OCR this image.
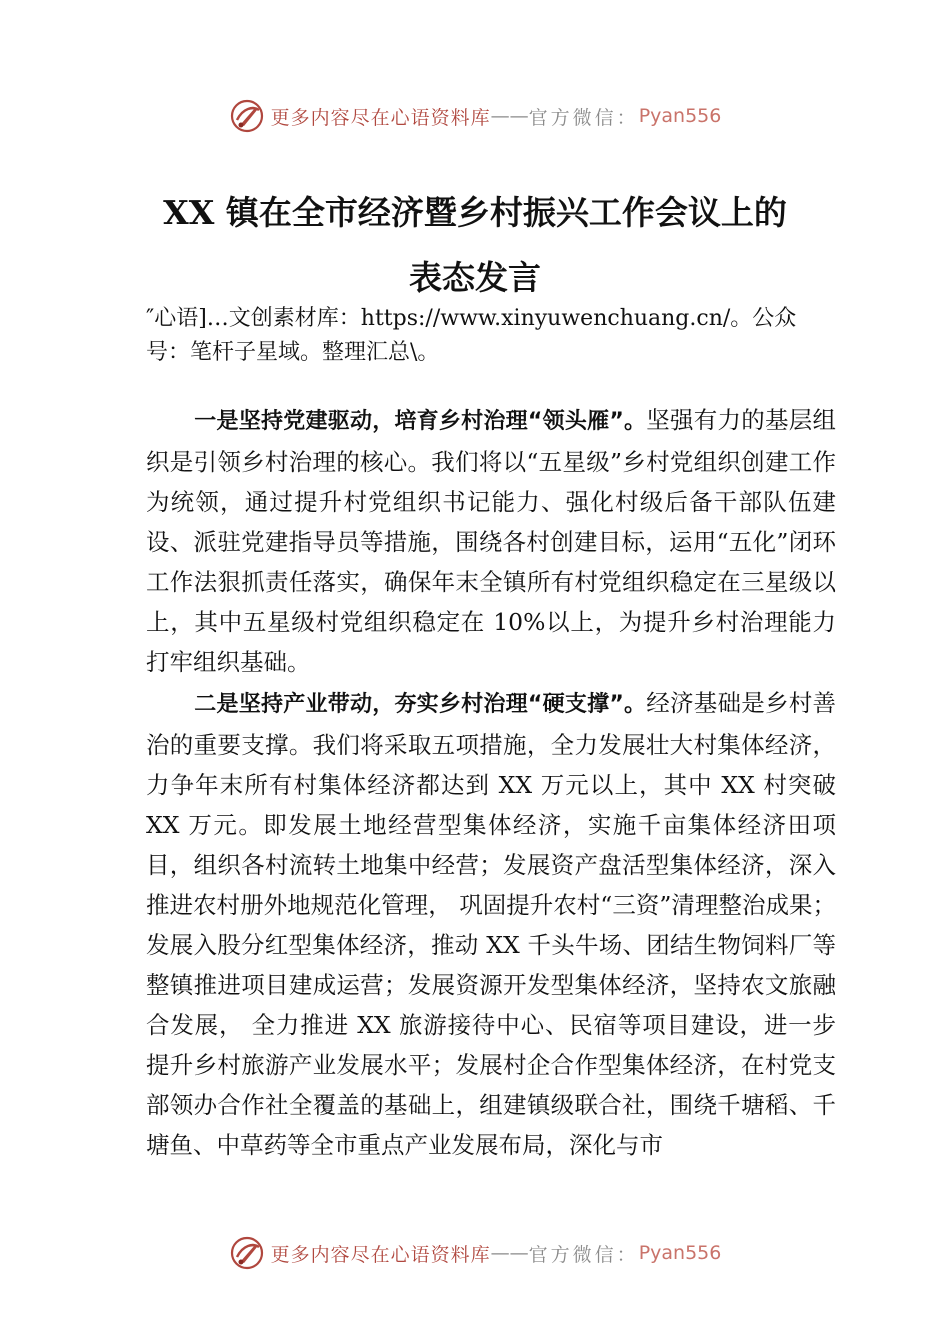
更多内容尽在心语资料库 —— 官方微信： Pyan556
XX 镇在全市经济暨乡村振兴工作会议上的
表态发言
″心语]…文创素材库：https://www.xinyuwenchuang.cn/。公众号：笔杆子星域。整理汇总\。
一是坚持党建驱动，培育乡村治理“领头雁”。坚强有力的基层组织是引领乡村治理的核心。我们将以“五星级”乡村党组织创建工作为统领，通过提升村党组织书记能力、强化村级后备干部队伍建设、派驻党建指导员等措施，围绕各村创建目标，运用“五化”闭环工作法狠抓责任落实，确保年末全镇所有村党组织稳定在三星级以上，其中五星级村党组织稳定在 10%以上，为提升乡村治理能力打牢组织基础。
二是坚持产业带动，夯实乡村治理“硬支撑”。经济基础是乡村善治的重要支撑。我们将采取五项措施，全力发展壮大村集体经济，力争年末所有村集体经济都达到 XX 万元以上，其中 XX 村突破 XX 万元。即发展土地经营型集体经济，实施千亩集体经济田项目，组织各村流转土地集中经营；发展资产盘活型集体经济，深入推进农村册外地规范化管理， 巩固提升农村“三资”清理整治成果；发展入股分红型集体经济，推动 XX 千头牛场、团结生物饲料厂等整镇推进项目建成运营；发展资源开发型集体经济，坚持农文旅融合发展， 全力推进 XX 旅游接待中心、民宿等项目建设，进一步提升乡村旅游产业发展水平；发展村企合作型集体经济，在村党支部领办合作社全覆盖的基础上，组建镇级联合社，围绕千塘稻、千塘鱼、中草药等全市重点产业发展布局，深化与市
更多内容尽在心语资料库 —— 官方微信： Pyan556
